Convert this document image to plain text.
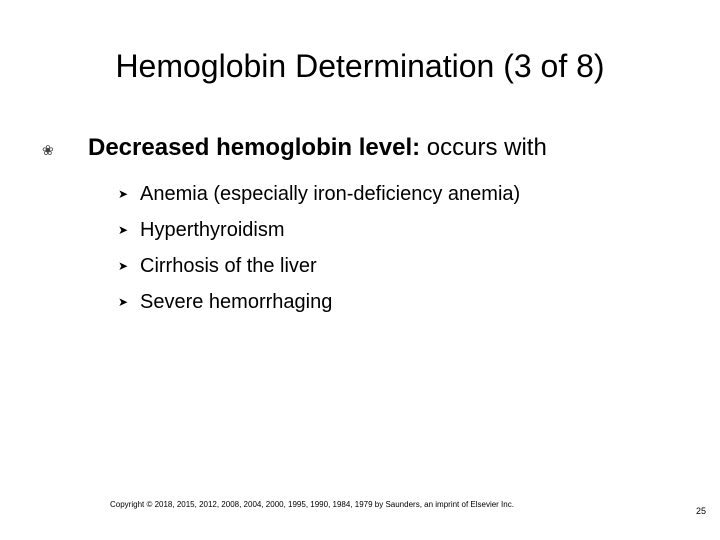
Hemoglobin Determination (3 of 8)
❀	Decreased hemoglobin level: occurs with
➤ Anemia (especially iron-deficiency anemia)
➤ Hyperthyroidism
➤ Cirrhosis of the liver
➤ Severe hemorrhaging
Copyright © 2018, 2015, 2012, 2008, 2004, 2000, 1995, 1990, 1984, 1979 by Saunders, an imprint of Elsevier Inc.
25
